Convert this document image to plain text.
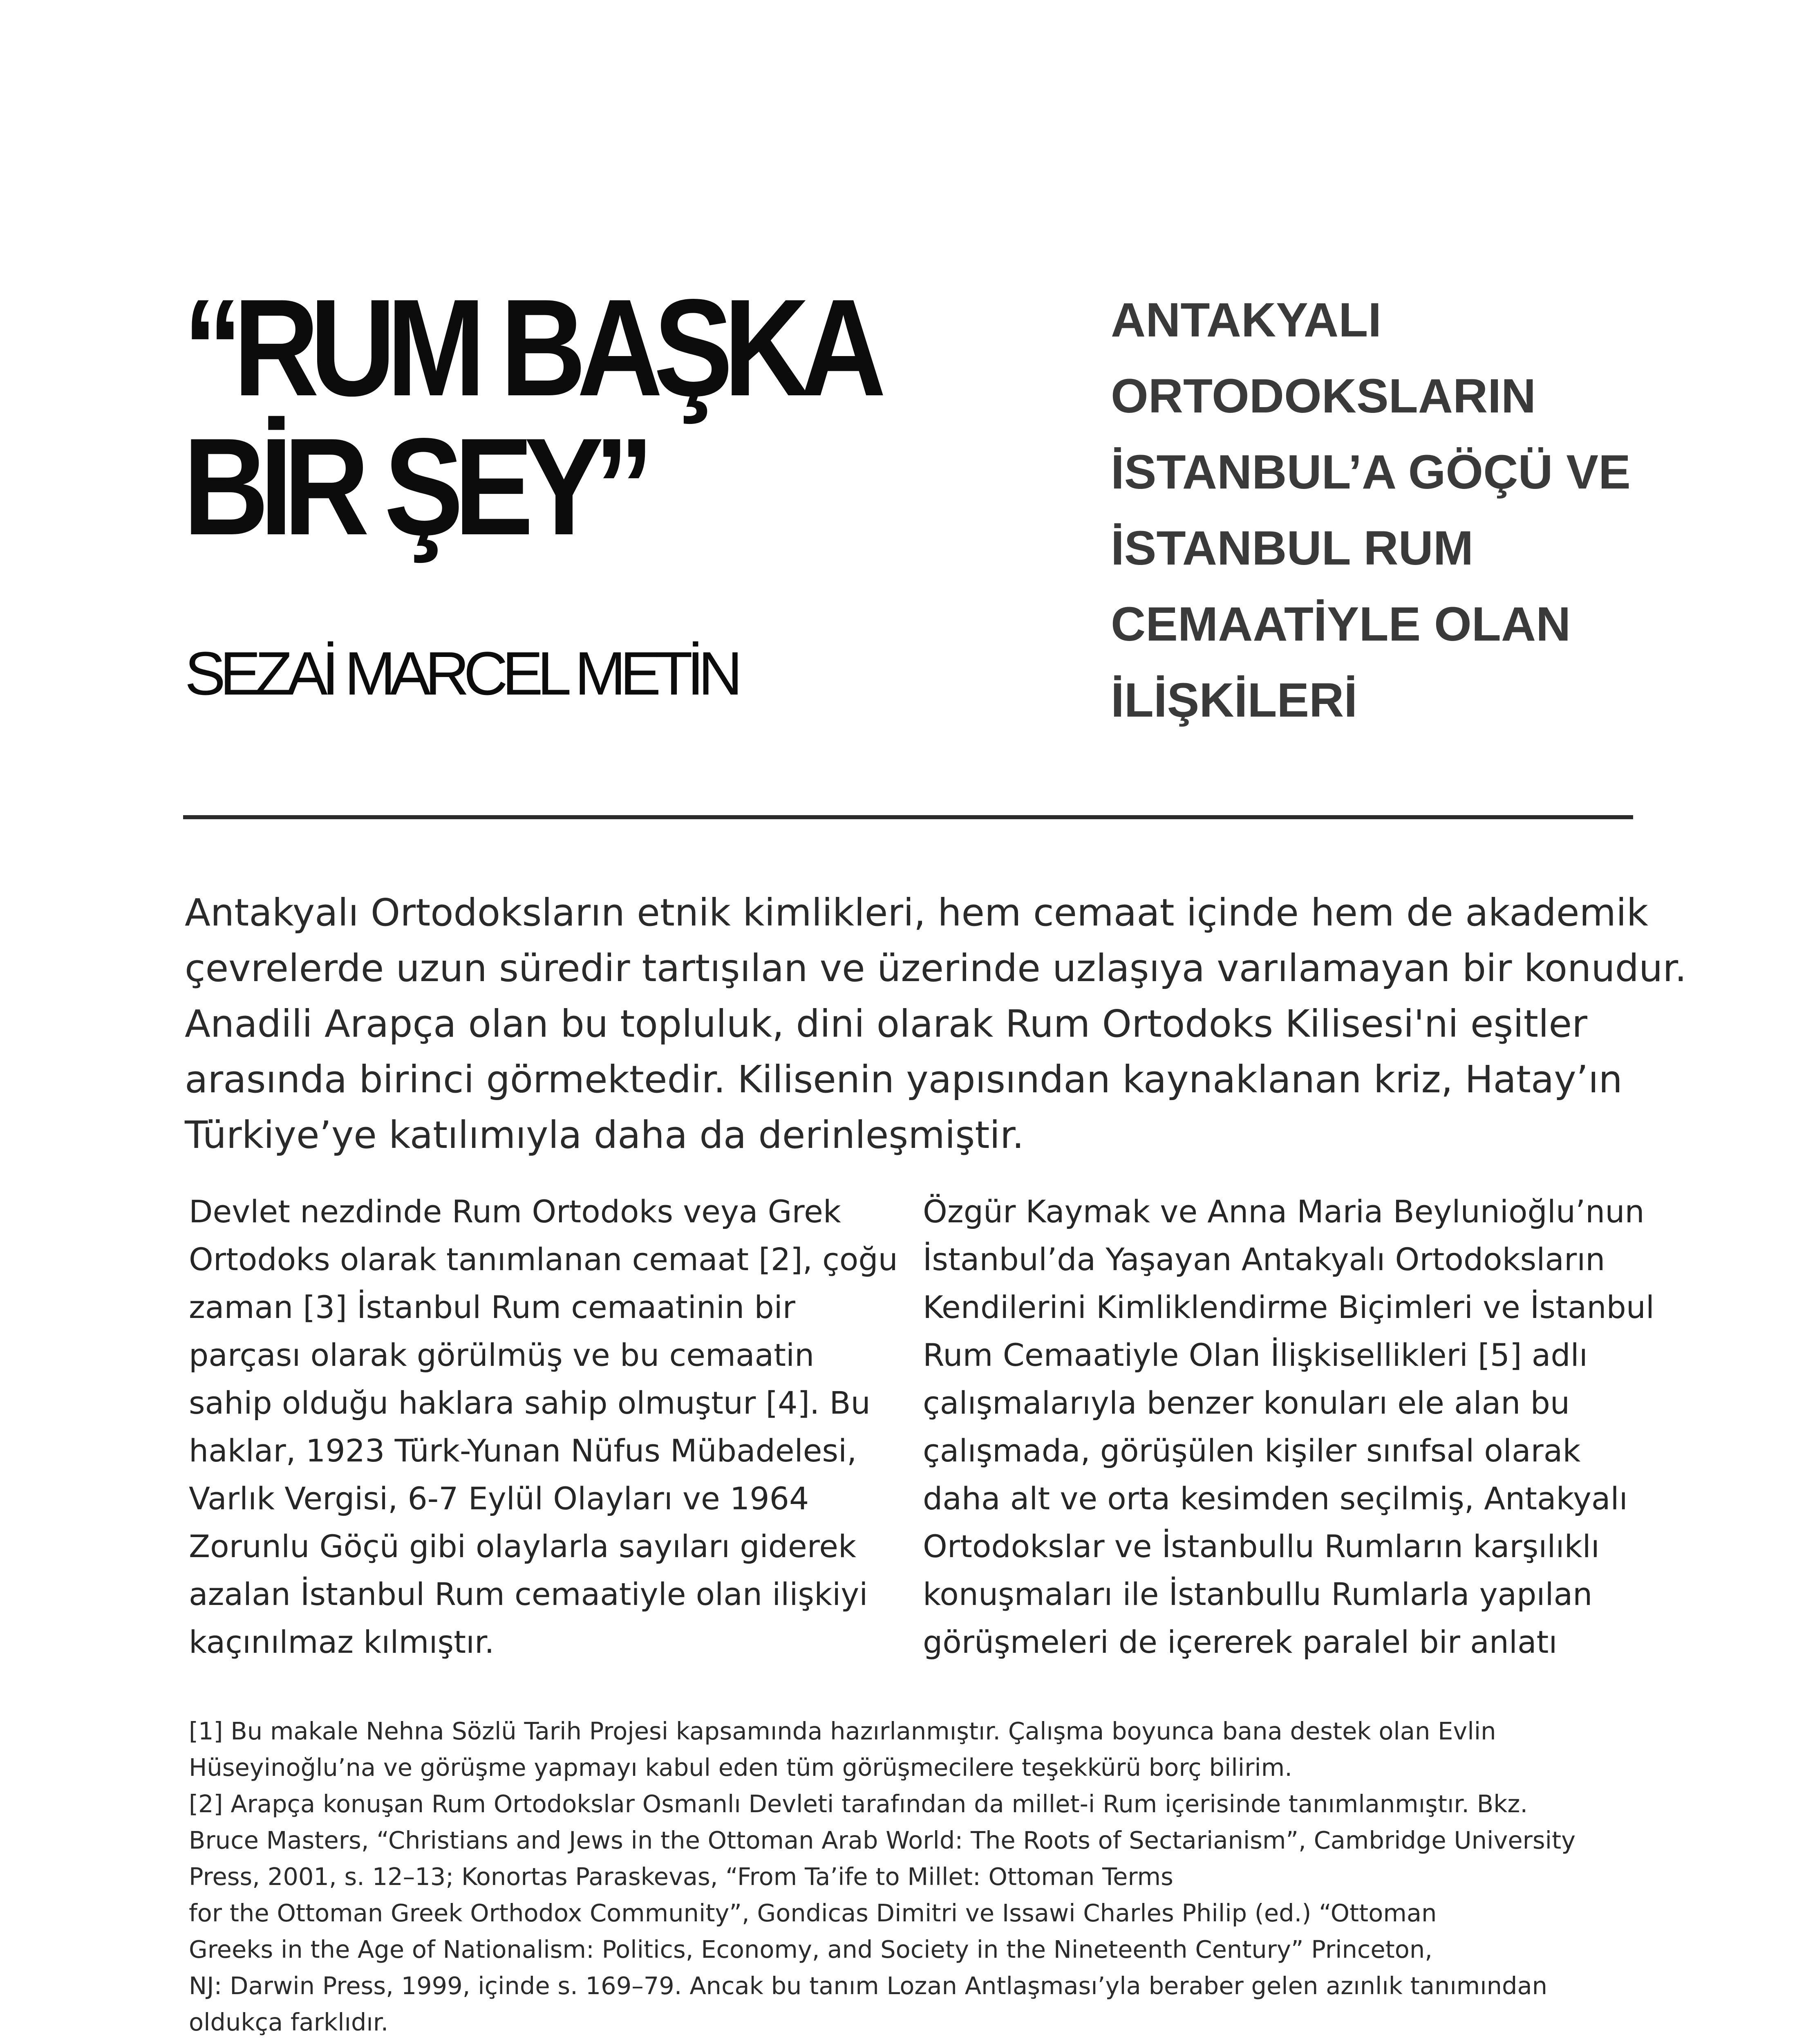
“RUM BAŞKA
BİR ŞEY”
SEZAİ MARCEL METİN
ANTAKYALI
ORTODOKSLARIN
İSTANBUL’A GÖÇÜ VE
İSTANBUL RUM
CEMAATİYLE OLAN
İLİŞKİLERİ

Antakyalı Ortodoksların etnik kimlikleri, hem cemaat içinde hem de akademik
çevrelerde uzun süredir tartışılan ve üzerinde uzlaşıya varılamayan bir konudur.
Anadili Arapça olan bu topluluk, dini olarak Rum Ortodoks Kilisesi'ni eşitler
arasında birinci görmektedir. Kilisenin yapısından kaynaklanan kriz, Hatay’ın
Türkiye’ye katılımıyla daha da derinleşmiştir.

Devlet nezdinde Rum Ortodoks veya Grek
Ortodoks olarak tanımlanan cemaat [2], çoğu
zaman [3] İstanbul Rum cemaatinin bir
parçası olarak görülmüş ve bu cemaatin
sahip olduğu haklara sahip olmuştur [4]. Bu
haklar, 1923 Türk-Yunan Nüfus Mübadelesi,
Varlık Vergisi, 6-7 Eylül Olayları ve 1964
Zorunlu Göçü gibi olaylarla sayıları giderek
azalan İstanbul Rum cemaatiyle olan ilişkiyi
kaçınılmaz kılmıştır.

Özgür Kaymak ve Anna Maria Beylunioğlu’nun
İstanbul’da Yaşayan Antakyalı Ortodoksların
Kendilerini Kimliklendirme Biçimleri ve İstanbul
Rum Cemaatiyle Olan İlişkisellikleri [5] adlı
çalışmalarıyla benzer konuları ele alan bu
çalışmada, görüşülen kişiler sınıfsal olarak
daha alt ve orta kesimden seçilmiş, Antakyalı
Ortodokslar ve İstanbullu Rumların karşılıklı
konuşmaları ile İstanbullu Rumlarla yapılan
görüşmeleri de içererek paralel bir anlatı

[1] Bu makale Nehna Sözlü Tarih Projesi kapsamında hazırlanmıştır. Çalışma boyunca bana destek olan Evlin
Hüseyinoğlu’na ve görüşme yapmayı kabul eden tüm görüşmecilere teşekkürü borç bilirim.
[2] Arapça konuşan Rum Ortodokslar Osmanlı Devleti tarafından da millet-i Rum içerisinde tanımlanmıştır. Bkz.
Bruce Masters, “Christians and Jews in the Ottoman Arab World: The Roots of Sectarianism”, Cambridge University
Press, 2001, s. 12–13; Konortas Paraskevas, “From Ta’ife to Millet: Ottoman Terms
for the Ottoman Greek Orthodox Community”, Gondicas Dimitri ve Issawi Charles Philip (ed.) “Ottoman
Greeks in the Age of Nationalism: Politics, Economy, and Society in the Nineteenth Century” Princeton,
NJ: Darwin Press, 1999, içinde s. 169–79. Ancak bu tanım Lozan Antlaşması’yla beraber gelen azınlık tanımından
oldukça farklıdır.
